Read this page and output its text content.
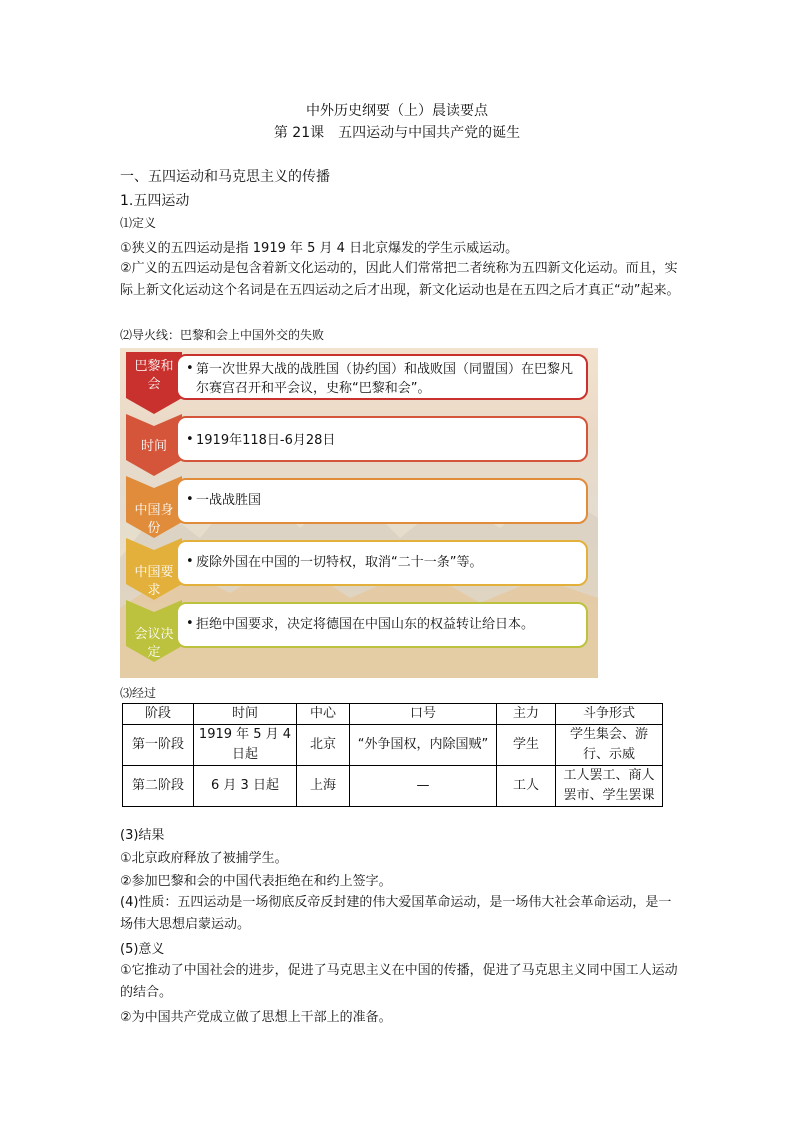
中外历史纲要（上）晨读要点
第 21课　五四运动与中国共产党的诞生
一、五四运动和马克思主义的传播
1.五四运动
⑴定义
①狭义的五四运动是指 1919 年 5 月 4 日北京爆发的学生示威运动。
②广义的五四运动是包含着新文化运动的，因此人们常常把二者统称为五四新文化运动。而且，实际上新文化运动这个名词是在五四运动之后才出现，新文化运动也是在五四之后才真正“动”起来。
⑵导火线：巴黎和会上中国外交的失败
巴黎和会
• 第一次世界大战的战胜国（协约国）和战败国（同盟国）在巴黎凡尔赛宫召开和平会议，史称“巴黎和会”。
时间	• 1919年118日-6月28日
中国身份
• 一战战胜国
中国要求
• 废除外国在中国的一切特权，取消“二十一条”等。
会议决定
• 拒绝中国要求，决定将德国在中国山东的权益转让给日本。
⑶经过
阶段	时间	中心	口号	主力	斗争形式
第一阶段	1919 年 5 月 4 日起	北京	“外争国权，内除国贼”	学生	学生集会、游行、示威
第二阶段	6 月 3 日起	上海	—	工人	工人罢工、商人罢市、学生罢课
(3)结果
①北京政府释放了被捕学生。
②参加巴黎和会的中国代表拒绝在和约上签字。
(4)性质：五四运动是一场彻底反帝反封建的伟大爱国革命运动，是一场伟大社会革命运动，是一场伟大思想启蒙运动。
(5)意义
①它推动了中国社会的进步，促进了马克思主义在中国的传播，促进了马克思主义同中国工人运动的结合。
②为中国共产党成立做了思想上干部上的准备。
